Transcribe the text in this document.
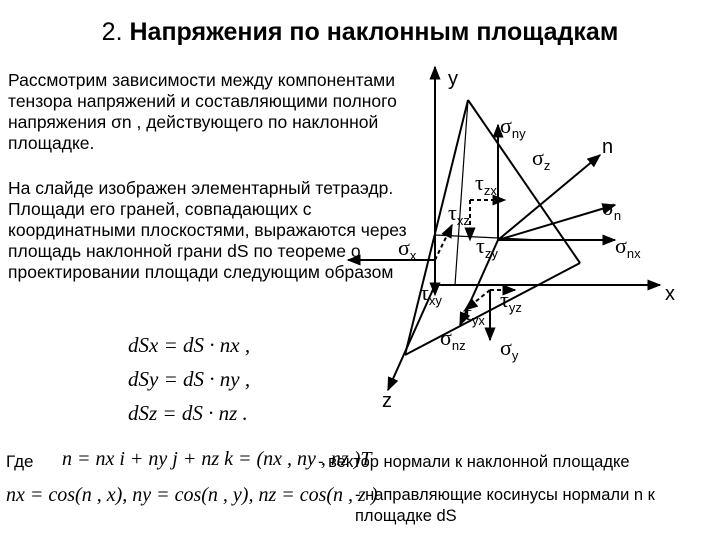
2. Напряжения по наклонным площадкам
Рассмотрим зависимости между компонентами тензора напряжений и составляющими полного напряжения σn , действующего по наклонной площадке.
На слайде изображен элементарный тетраэдр. Площади его граней, совпадающих с координатными плоскостями, выражаются через площадь наклонной грани dS по теореме о проектировании площади следующим образом
dSx = dS · nx ,
dSy = dS · ny ,
dSz = dS · nz .
Где n = nx i + ny j + nz k = (nx , ny , nz )T
- вектор нормали к наклонной площадке
nx = cos(n , x), ny = cos(n , y), nz = cos(n , z )
- направляющие косинусы нормали n к площадке dS
y
x
z
n
$\sigma_{ny}$
$\sigma_z$
$\tau_{zx}$
$\sigma_n$
$\tau_{xz}$
$\tau_{zy}$
$\sigma_x$	$\sigma_{nx}$
$\tau_{xy}$	$\tau_{yz}$
$\tau_{yx}$
$\sigma_{nz}$ $\sigma_y$
